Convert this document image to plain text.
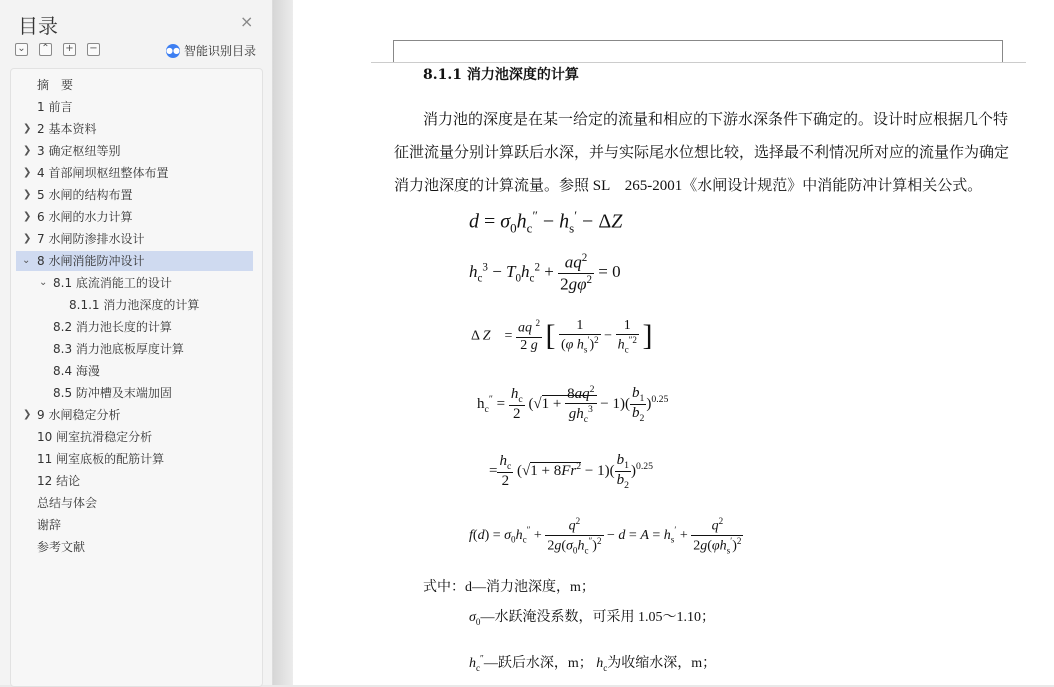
目录	×
⌄ ⌃ + −	●● 智能识别目录
摘　要
1 前言
❯ 2 基本资料
❯ 3 确定枢纽等别
❯ 4 首部闸坝枢纽整体布置
❯ 5 水闸的结构布置
❯ 6 水闸的水力计算
❯ 7 水闸防渗排水设计
⌄ 8 水闸消能防冲设计
⌄ 8.1 底流消能工的设计
8.1.1 消力池深度的计算
8.2 消力池长度的计算
8.3 消力池底板厚度计算
8.4 海漫
8.5 防冲槽及末端加固
❯ 9 水闸稳定分析
10 闸室抗滑稳定分析
11 闸室底板的配筋计算
12 结论
总结与体会
谢辞
参考文献
8.1.1 消力池深度的计算
消力池的深度是在某一给定的流量和相应的下游水深条件下确定的。设计时应根据几个特
征泄流量分别计算跃后水深，并与实际尾水位想比较，选择最不利情况所对应的流量作为确定
消力池深度的计算流量。参照 SL　265-2001《水闸设计规范》中消能防冲计算相关公式。
$d = \sigma_0h_c'' - h_s' - \Delta Z$
$h_c^3 - T_0h_c^2 + \frac{aq^2}{2g\varphi^2} = 0$
Δ Z　= $\frac{aq ^2}{2 g}$ [ $\frac{1}{(\varphi h_s')^2} - \frac{1}{h_c^{''2}}$ ]
$h_c'' = \frac{h_c}{2} (√1 + \frac{8aq^2}{gh_c^3} - 1)( \frac{b_1}{b_2} )^{0.25}$
= $\frac{h_c}{2} (√1 + 8Fr^2 - 1)( \frac{b_1}{b_2} )^{0.25}$
$f(d) = \sigma_0h_c'' + \frac{q^2}{2g(\sigma_0h_c'')^2} - d = A = h_s' + \frac{q^2}{2g(\varphi h_s')^2}$
式中：d—消力池深度，m；
$\sigma_0—$水跃淹没系数，可采用 1.05～1.10；
$h_c''—$跃后水深，m； $h_c$为收缩水深，m；
